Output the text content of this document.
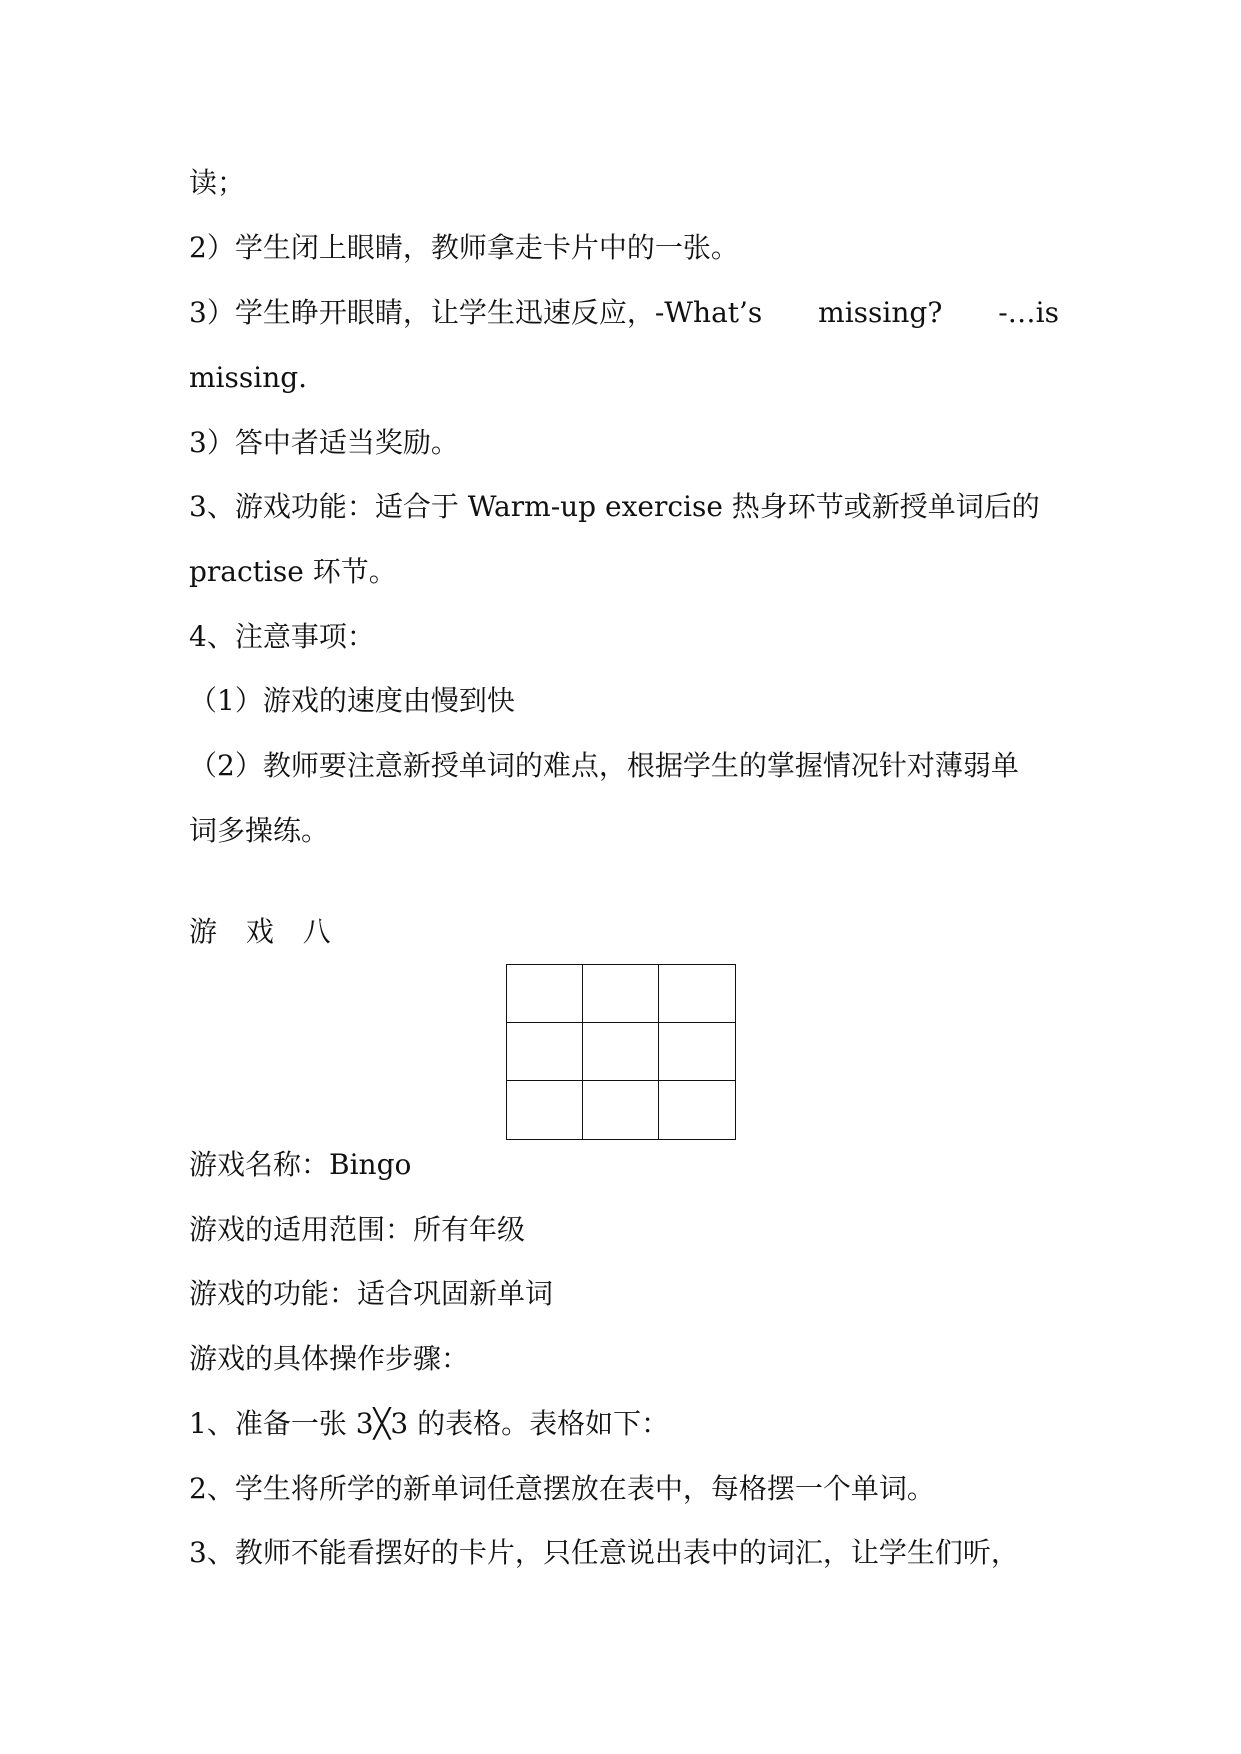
读；
2）学生闭上眼睛，教师拿走卡片中的一张。
3）学生睁开眼睛，让学生迅速反应，-What’s missing? -…is
missing.
3）答中者适当奖励。
3、游戏功能：适合于 Warm-up exercise 热身环节或新授单词后的
practise 环节。
4、注意事项：
（1）游戏的速度由慢到快
（2）教师要注意新授单词的难点，根据学生的掌握情况针对薄弱单
词多操练。
游 戏 八
游戏名称：Bingo
游戏的适用范围：所有年级
游戏的功能：适合巩固新单词
游戏的具体操作步骤：
1、准备一张 3╳3 的表格。表格如下：
2、学生将所学的新单词任意摆放在表中，每格摆一个单词。
3、教师不能看摆好的卡片，只任意说出表中的词汇，让学生们听，
